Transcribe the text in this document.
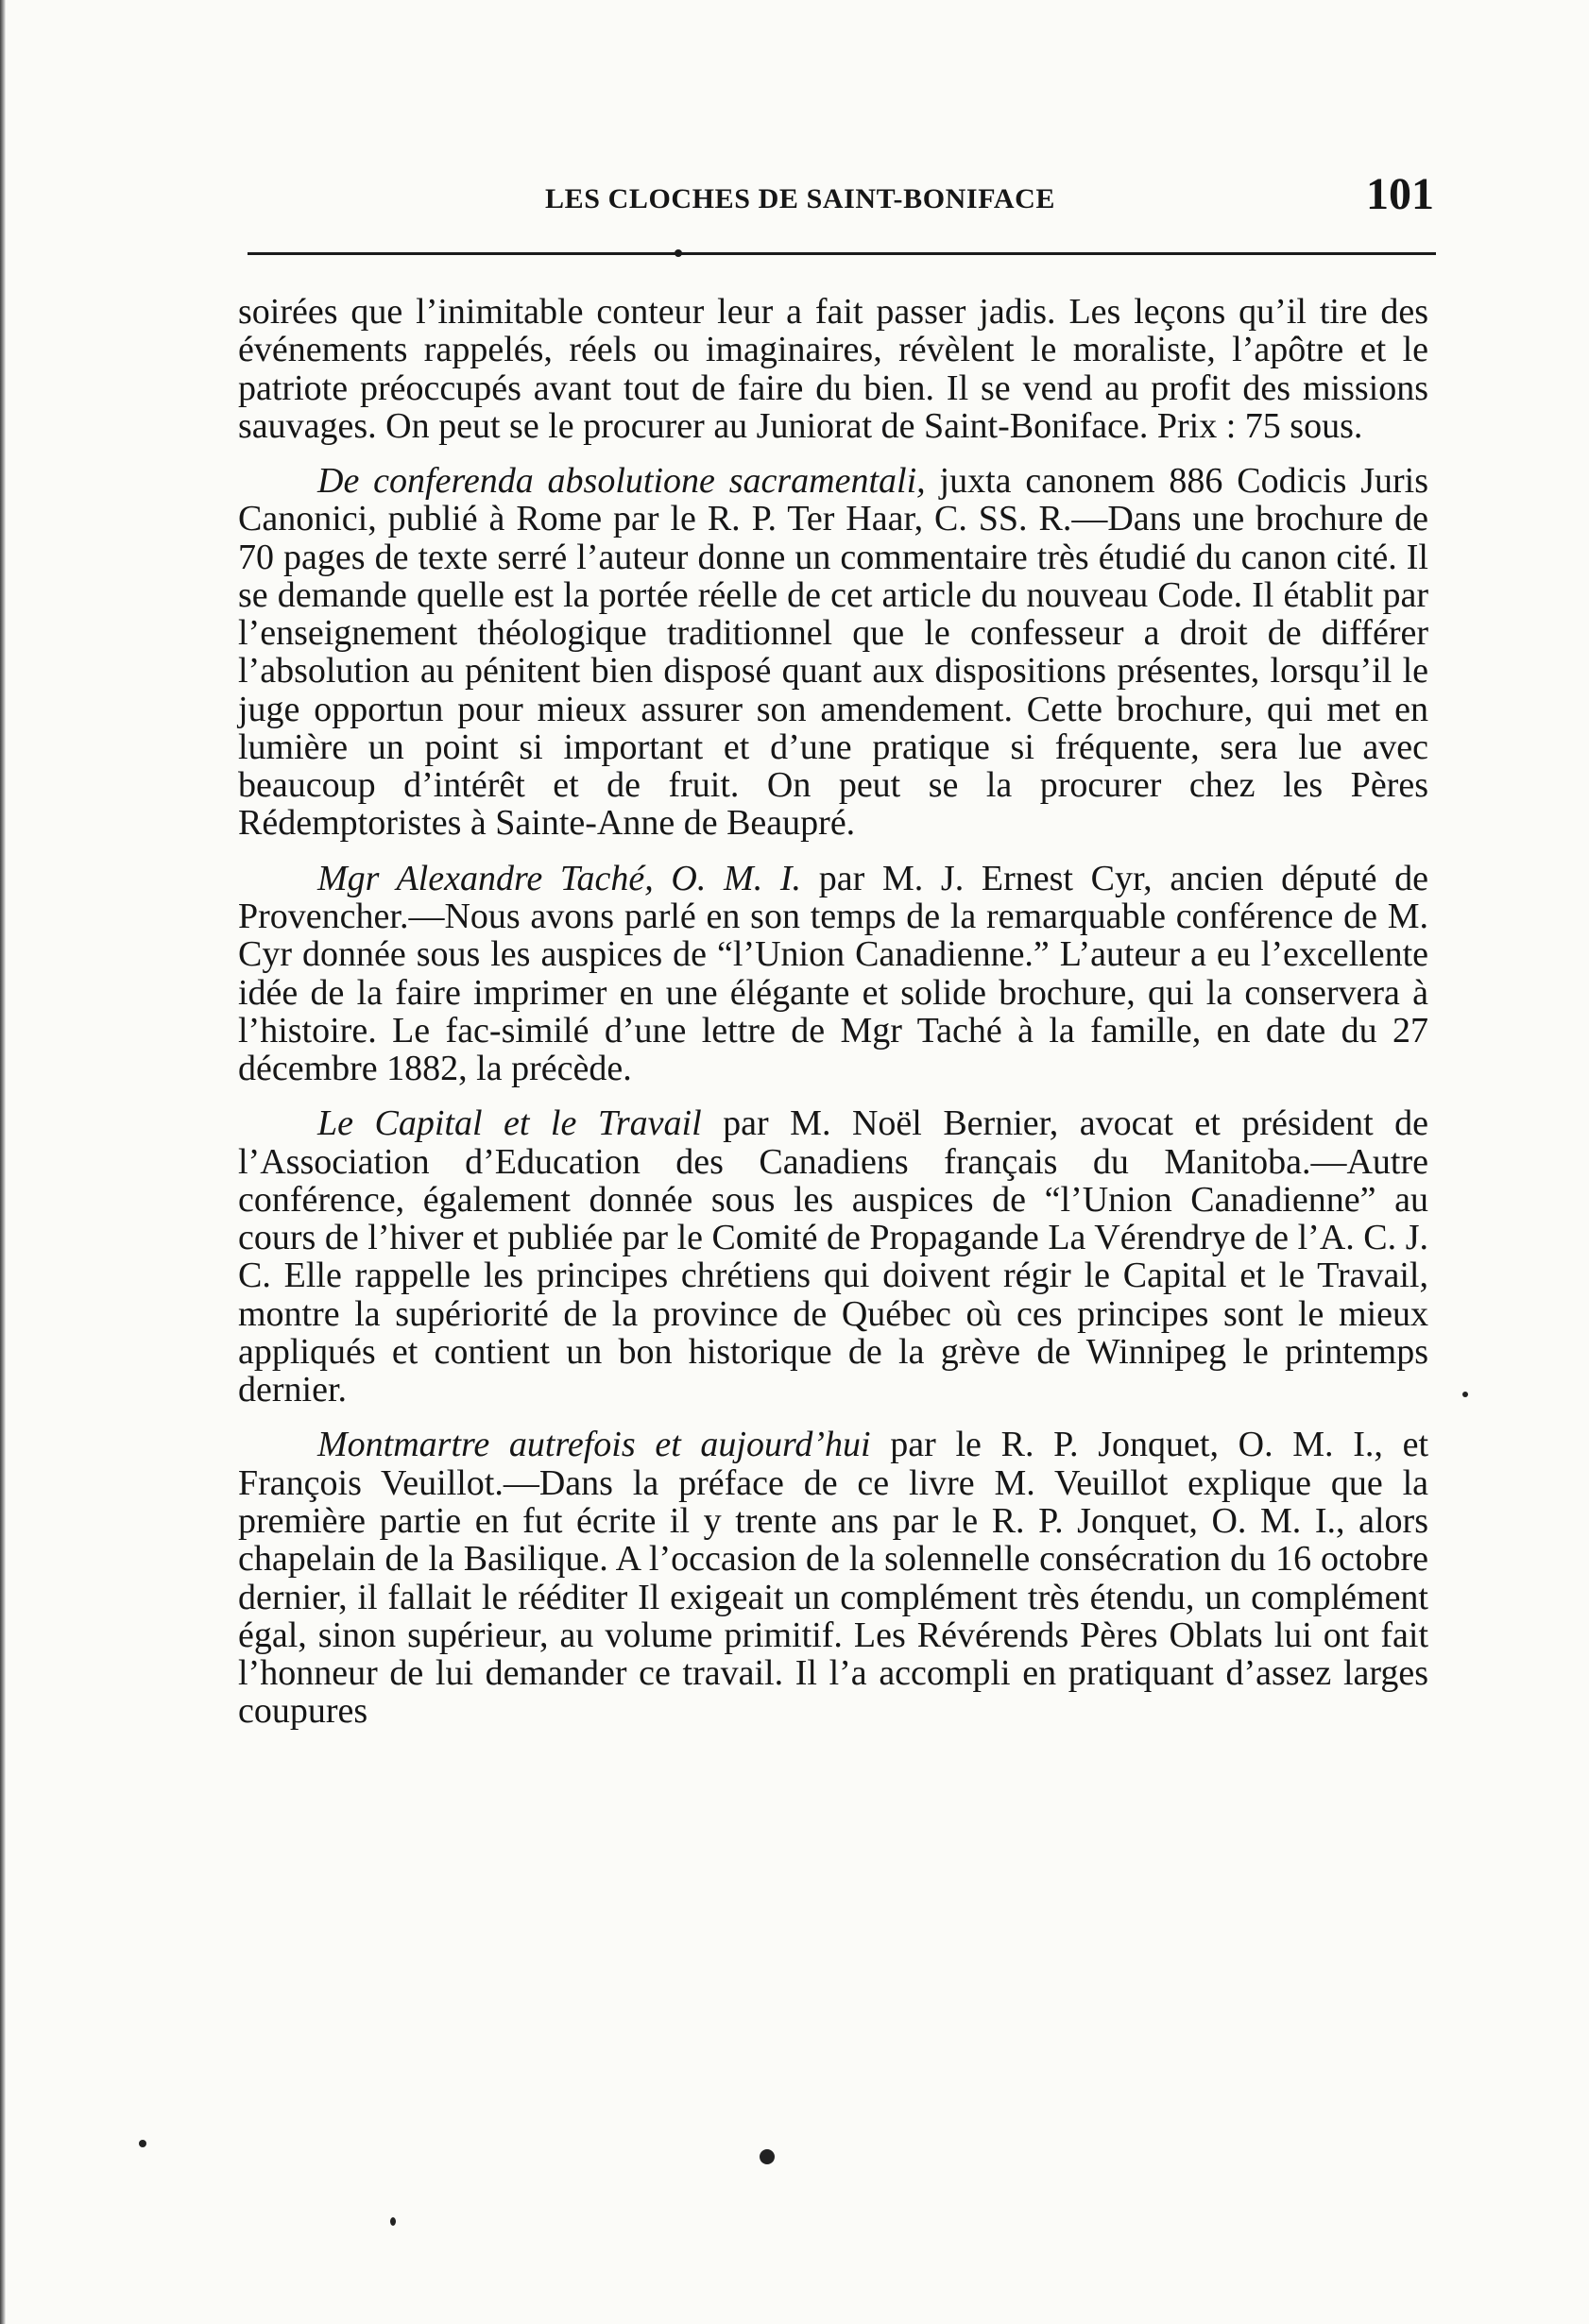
LES CLOCHES DE SAINT-BONIFACE	101

soirées que l’inimitable conteur leur a fait passer jadis. Les leçons qu’il tire des événements rappelés, réels ou imaginaires, révèlent le moraliste, l’apôtre et le patriote préoccupés avant tout de faire du bien. Il se vend au profit des missions sauvages. On peut se le procurer au Juniorat de Saint-Boniface. Prix : 75 sous.

De conferenda absolutione sacramentali, juxta canonem 886 Codicis Juris Canonici, publié à Rome par le R. P. Ter Haar, C. SS. R.—Dans une brochure de 70 pages de texte serré l’auteur donne un commentaire très étudié du canon cité. Il se demande quelle est la portée réelle de cet article du nouveau Code. Il établit par l’enseignement théologique traditionnel que le confesseur a droit de différer l’absolution au pénitent bien disposé quant aux dispositions présentes, lorsqu’il le juge opportun pour mieux assurer son amendement. Cette brochure, qui met en lumière un point si important et d’une pratique si fréquente, sera lue avec beaucoup d’intérêt et de fruit. On peut se la procurer chez les Pères Rédemptoristes à Sainte-Anne de Beaupré.

Mgr Alexandre Taché, O. M. I. par M. J. Ernest Cyr, ancien député de Provencher.—Nous avons parlé en son temps de la remarquable conférence de M. Cyr donnée sous les auspices de “l’Union Canadienne.” L’auteur a eu l’excellente idée de la faire imprimer en une élégante et solide brochure, qui la conservera à l’histoire. Le fac-similé d’une lettre de Mgr Taché à la famille, en date du 27 décembre 1882, la précède.

Le Capital et le Travail par M. Noël Bernier, avocat et président de l’Association d’Education des Canadiens français du Manitoba.—Autre conférence, également donnée sous les auspices de “l’Union Canadienne” au cours de l’hiver et publiée par le Comité de Propagande La Vérendrye de l’A. C. J. C. Elle rappelle les principes chrétiens qui doivent régir le Capital et le Travail, montre la supériorité de la province de Québec où ces principes sont le mieux appliqués et contient un bon historique de la grève de Winnipeg le printemps dernier.

Montmartre autrefois et aujourd’hui par le R. P. Jonquet, O. M. I., et François Veuillot.—Dans la préface de ce livre M. Veuillot explique que la première partie en fut écrite il y trente ans par le R. P. Jonquet, O. M. I., alors chapelain de la Basilique. A l’occasion de la solennelle consécration du 16 octobre dernier, il fallait le rééditer Il exigeait un complément très étendu, un complément égal, sinon supérieur, au volume primitif. Les Révérends Pères Oblats lui ont fait l’honneur de lui demander ce travail. Il l’a accompli en pratiquant d’assez larges coupures
